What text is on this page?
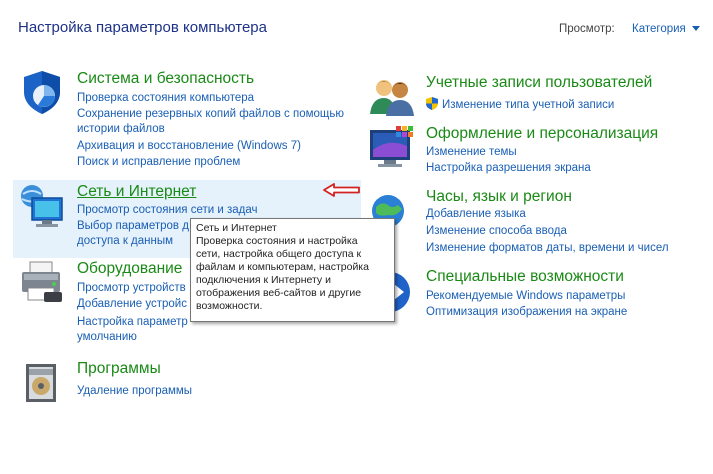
Настройка параметров компьютера	Просмотр: Категория
Система и безопасность
Проверка состояния компьютера
Сохранение резервных копий файлов с помощью
истории файлов
Архивация и восстановление (Windows 7)
Поиск и исправление проблем
Сеть и Интернет
Просмотр состояния сети и задач
Выбор параметров д
доступа к данным
Оборудование
Просмотр устройств
Добавление устройс
Настройка параметр
умолчанию
Программы
Удаление программы
Учетные записи пользователей
Изменение типа учетной записи
Оформление и персонализация
Изменение темы
Настройка разрешения экрана
Часы, язык и регион
Добавление языка
Изменение способа ввода
Изменение форматов даты, времени и чисел
Специальные возможности
Рекомендуемые Windows параметры
Оптимизация изображения на экране
Сеть и Интернет
Проверка состояния и настройка
сети, настройка общего доступа к
файлам и компьютерам, настройка
подключения к Интернету и
отображения веб-сайтов и другие
возможности.
